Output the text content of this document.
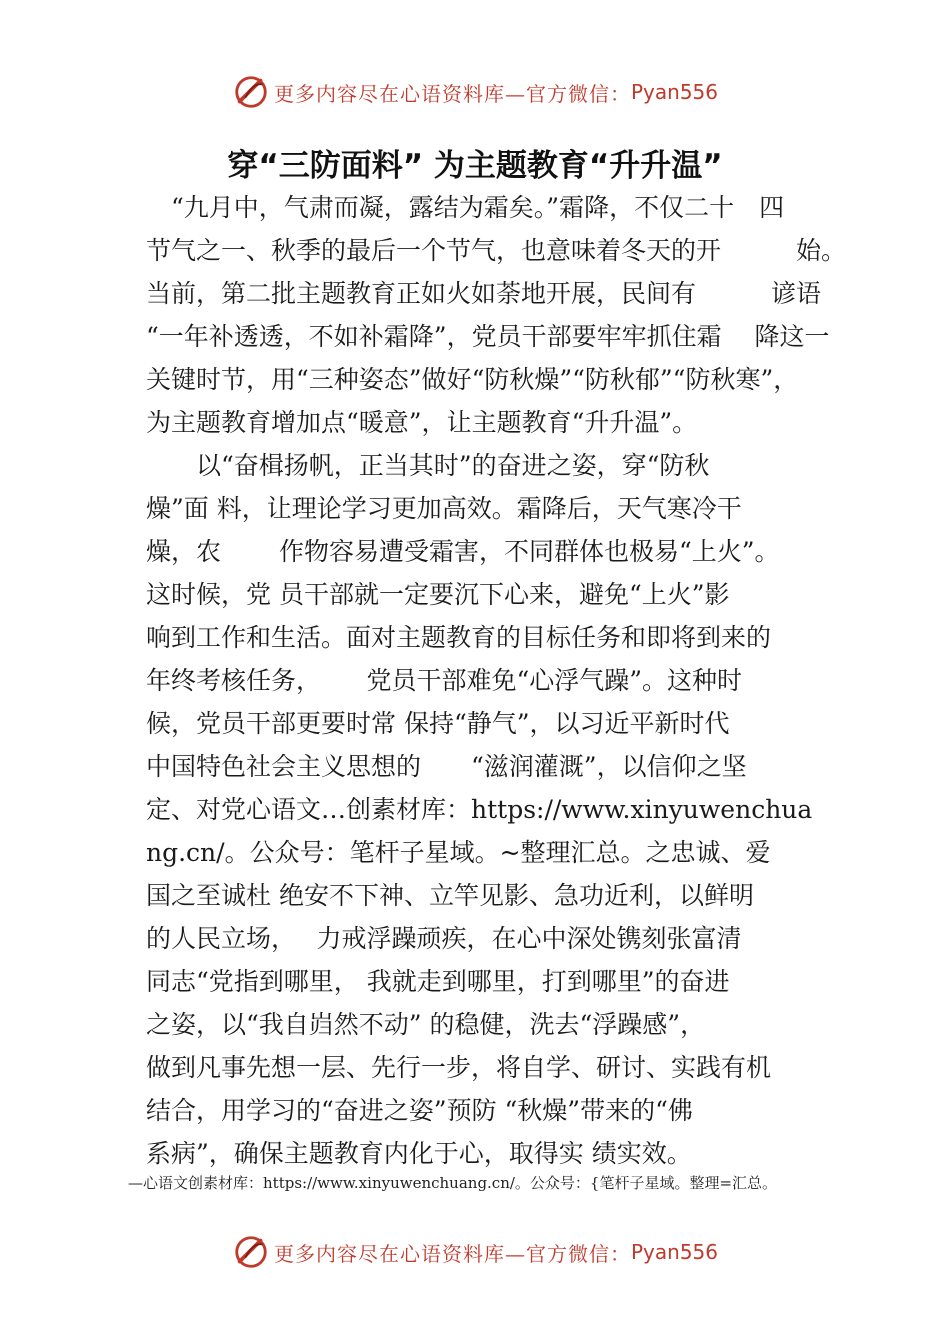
更多内容尽在心语资料库—官方微信： Pyan556
穿“三防面料” 为主题教育“升升温”
　“九月中，气肃而凝，露结为霜矣。”霜降，不仅二十　四
节气之一、秋季的最后一个节气，也意味着冬天的开　　　始。
当前，第二批主题教育正如火如荼地开展，民间有　　　谚语
“一年补透透，不如补霜降”，党员干部要牢牢抓住霜　 降这一
关键时节，用“三种姿态”做好“防秋燥”“防秋郁”“防秋寒”，
为主题教育增加点“暖意”，让主题教育“升升温”。
　　以“奋楫扬帆，正当其时”的奋进之姿，穿“防秋
燥”面 料，让理论学习更加高效。霜降后，天气寒冷干
燥，农　　 作物容易遭受霜害，不同群体也极易“上火”。
这时候，党 员干部就一定要沉下心来，避免“上火”影
响到工作和生活。面对主题教育的目标任务和即将到来的
年终考核任务，　　 党员干部难免“心浮气躁”。这种时
候，党员干部更要时常 保持“静气”，以习近平新时代
中国特色社会主义思想的　　“滋润灌溉”，以信仰之坚
定、对党心语文…创素材库：https://www.xinyuwenchua
ng.cn/。公众号：笔杆子星域。~整理汇总。之忠诚、爱
国之至诚杜 绝安不下神、立竿见影、急功近利，以鲜明
的人民立场，　 力戒浮躁顽疾，在心中深处镌刻张富清
同志“党指到哪里， 我就走到哪里，打到哪里”的奋进
之姿，以“我自岿然不动” 的稳健，洗去“浮躁感”，
做到凡事先想一层、先行一步，将自学、研讨、实践有机
结合，用学习的“奋进之姿”预防 “秋燥”带来的“佛
系病”，确保主题教育内化于心，取得实 绩实效。
—心语文创素材库：https://www.xinyuwenchuang.cn/。公众号：{笔杆子星域。整理=汇总。
更多内容尽在心语资料库—官方微信： Pyan556
